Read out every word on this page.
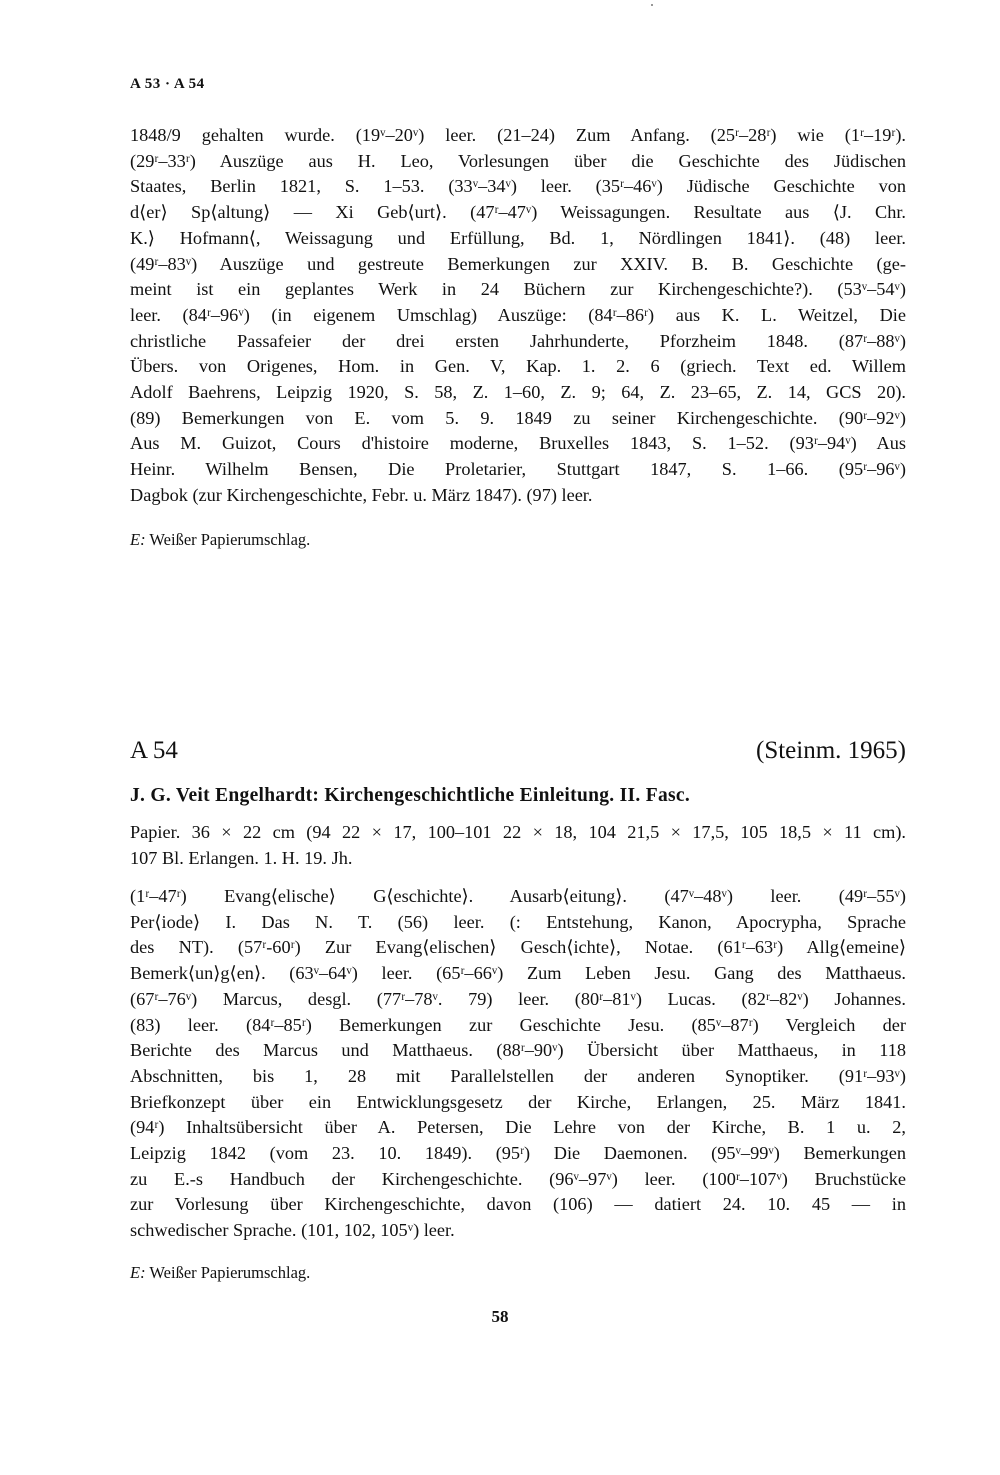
A 53 · A 54
1848/9 gehalten wurde. (19ᵛ–20ᵛ) leer. (21–24) Zum Anfang. (25ʳ–28ʳ) wie (1ʳ–19ʳ).
(29ʳ–33ʳ) Auszüge aus H. Leo, Vorlesungen über die Geschichte des Jüdischen
Staates, Berlin 1821, S. 1–53. (33ᵛ–34ᵛ) leer. (35ʳ–46ᵛ) Jüdische Geschichte von
d⟨er⟩ Sp⟨altung⟩ — Xi Geb⟨urt⟩. (47ʳ–47ᵛ) Weissagungen. Resultate aus ⟨J. Chr.
K.⟩ Hofmann⟨, Weissagung und Erfüllung, Bd. 1, Nördlingen 1841⟩. (48) leer.
(49ʳ–83ᵛ) Auszüge und gestreute Bemerkungen zur XXIV. B. B. Geschichte (ge-
meint ist ein geplantes Werk in 24 Büchern zur Kirchengeschichte?). (53ᵛ–54ᵛ)
leer. (84ʳ–96ᵛ) (in eigenem Umschlag) Auszüge: (84ʳ–86ʳ) aus K. L. Weitzel, Die
christliche Passafeier der drei ersten Jahrhunderte, Pforzheim 1848. (87ʳ–88ᵛ)
Übers. von Origenes, Hom. in Gen. V, Kap. 1. 2. 6 (griech. Text ed. Willem
Adolf Baehrens, Leipzig 1920, S. 58, Z. 1–60, Z. 9; 64, Z. 23–65, Z. 14, GCS 20).
(89) Bemerkungen von E. vom 5. 9. 1849 zu seiner Kirchengeschichte. (90ʳ–92ᵛ)
Aus M. Guizot, Cours d'histoire moderne, Bruxelles 1843, S. 1–52. (93ʳ–94ᵛ) Aus
Heinr. Wilhelm Bensen, Die Proletarier, Stuttgart 1847, S. 1–66. (95ʳ–96ᵛ)
Dagbok (zur Kirchengeschichte, Febr. u. März 1847). (97) leer.
E: Weißer Papierumschlag.
A 54	(Steinm. 1965)
J. G. Veit Engelhardt: Kirchengeschichtliche Einleitung. II. Fasc.
Papier. 36 × 22 cm (94 22 × 17, 100–101 22 × 18, 104 21,5 × 17,5, 105 18,5 × 11 cm).
107 Bl. Erlangen. 1. H. 19. Jh.
(1ʳ–47ʳ) Evang⟨elische⟩ G⟨eschichte⟩. Ausarb⟨eitung⟩. (47ᵛ–48ᵛ) leer. (49ʳ–55ᵛ)
Per⟨iode⟩ I. Das N. T. (56) leer. (: Entstehung, Kanon, Apocrypha, Sprache
des NT). (57ʳ-60ʳ) Zur Evang⟨elischen⟩ Gesch⟨ichte⟩, Notae. (61ʳ–63ʳ) Allg⟨emeine⟩
Bemerk⟨un⟩g⟨en⟩. (63ᵛ–64ᵛ) leer. (65ʳ–66ᵛ) Zum Leben Jesu. Gang des Matthaeus.
(67ʳ–76ᵛ) Marcus, desgl. (77ʳ–78ᵛ. 79) leer. (80ʳ–81ᵛ) Lucas. (82ʳ–82ᵛ) Johannes.
(83) leer. (84ʳ–85ʳ) Bemerkungen zur Geschichte Jesu. (85ᵛ–87ʳ) Vergleich der
Berichte des Marcus und Matthaeus. (88ʳ–90ᵛ) Übersicht über Matthaeus, in 118
Abschnitten, bis 1, 28 mit Parallelstellen der anderen Synoptiker. (91ʳ–93ᵛ)
Briefkonzept über ein Entwicklungsgesetz der Kirche, Erlangen, 25. März 1841.
(94ʳ) Inhaltsübersicht über A. Petersen, Die Lehre von der Kirche, B. 1 u. 2,
Leipzig 1842 (vom 23. 10. 1849). (95ʳ) Die Daemonen. (95ᵛ–99ᵛ) Bemerkungen
zu E.-s Handbuch der Kirchengeschichte. (96ᵛ–97ᵛ) leer. (100ʳ–107ᵛ) Bruchstücke
zur Vorlesung über Kirchengeschichte, davon (106) — datiert 24. 10. 45 — in
schwedischer Sprache. (101, 102, 105ᵛ) leer.
E: Weißer Papierumschlag.
58
